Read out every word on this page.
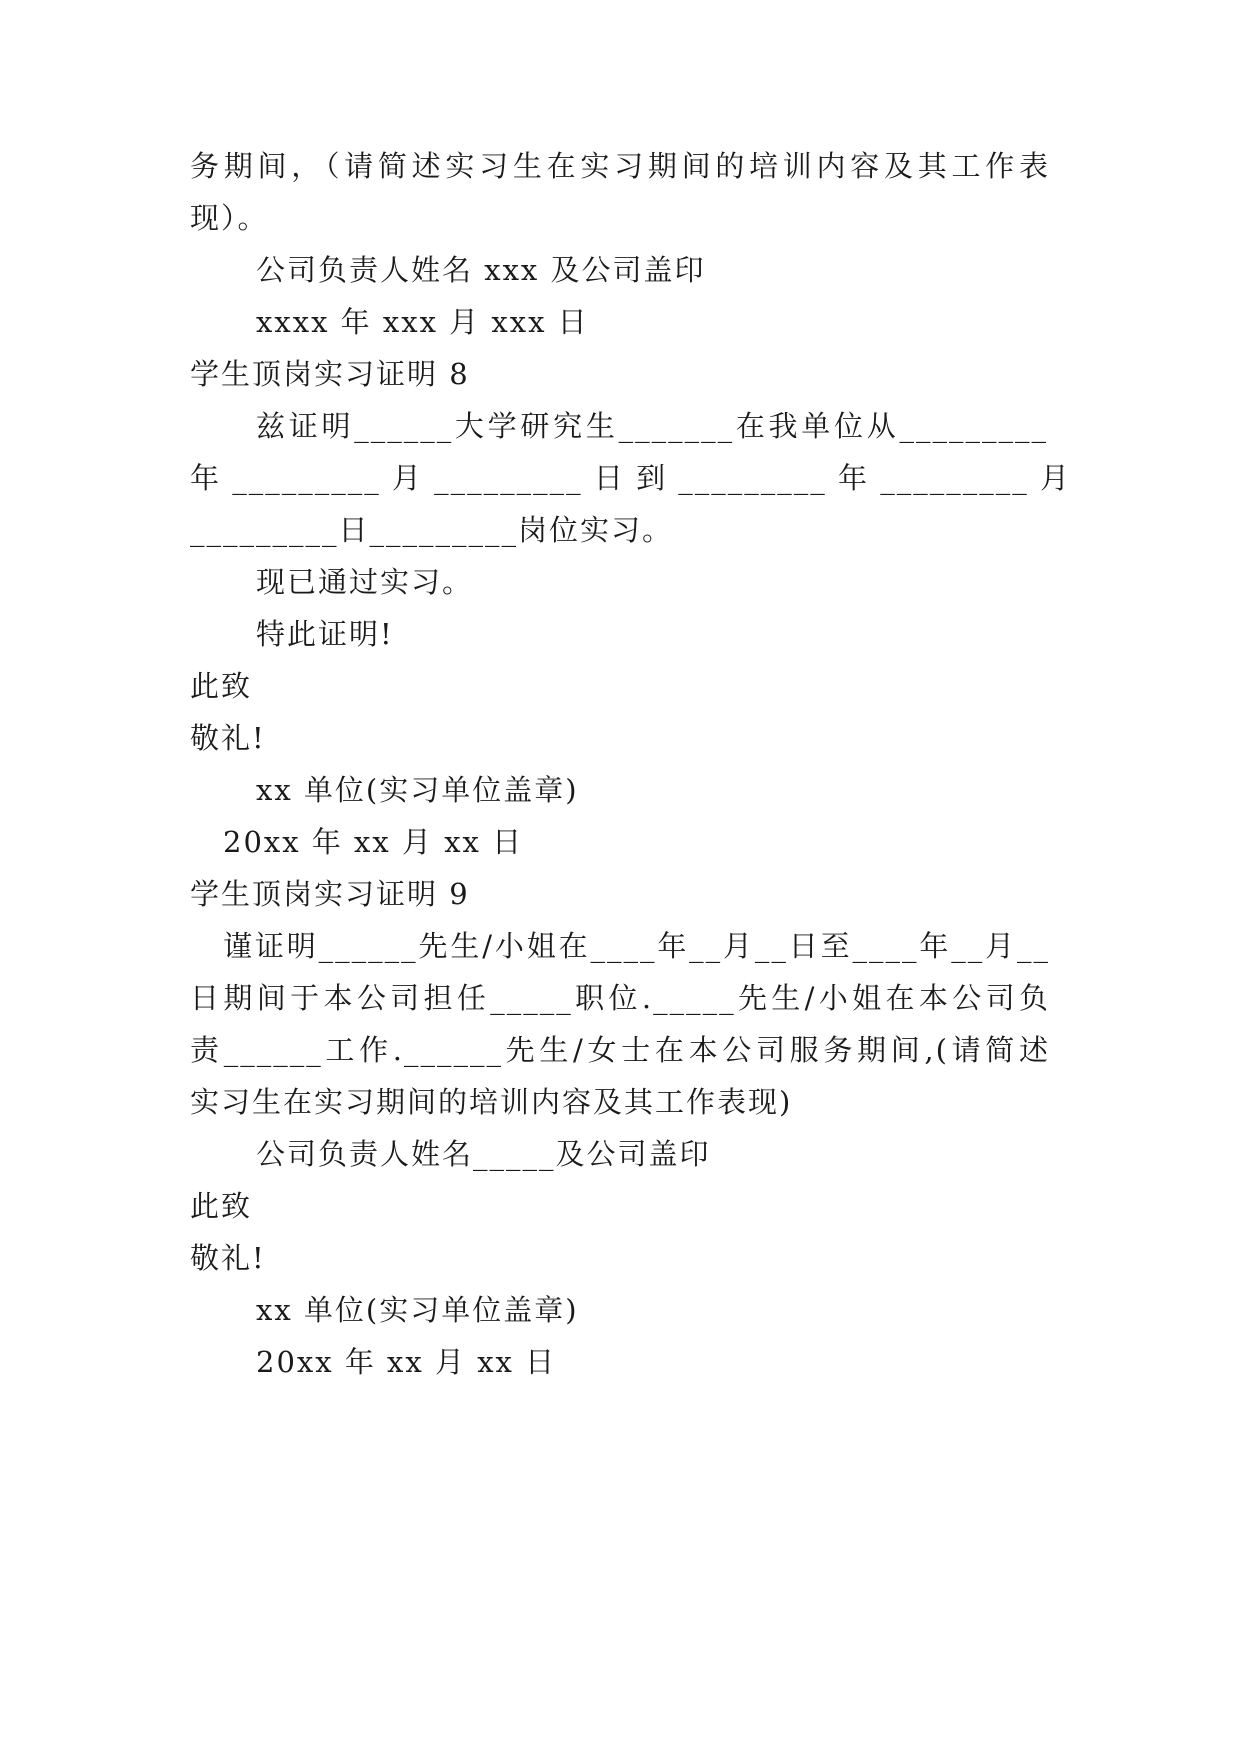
务期间，（请简述实习生在实习期间的培训内容及其工作表
现）。
公司负责人姓名 xxx 及公司盖印
xxxx 年 xxx 月 xxx 日
学生顶岗实习证明 8
兹证明______大学研究生_______在我单位从_________
年 _________ 月 _________ 日 到 _________ 年 _________ 月
_________日_________岗位实习。
现已通过实习。
特此证明!
此致
敬礼!
xx 单位(实习单位盖章)
20xx 年 xx 月 xx 日
学生顶岗实习证明 9
谨证明______先生/小姐在____年__月__日至____年__月__
日期间于本公司担任_____职位._____先生/小姐在本公司负
责______工作.______先生/女士在本公司服务期间,(请简述
实习生在实习期间的培训内容及其工作表现)
公司负责人姓名_____及公司盖印
此致
敬礼!
xx 单位(实习单位盖章)
20xx 年 xx 月 xx 日
